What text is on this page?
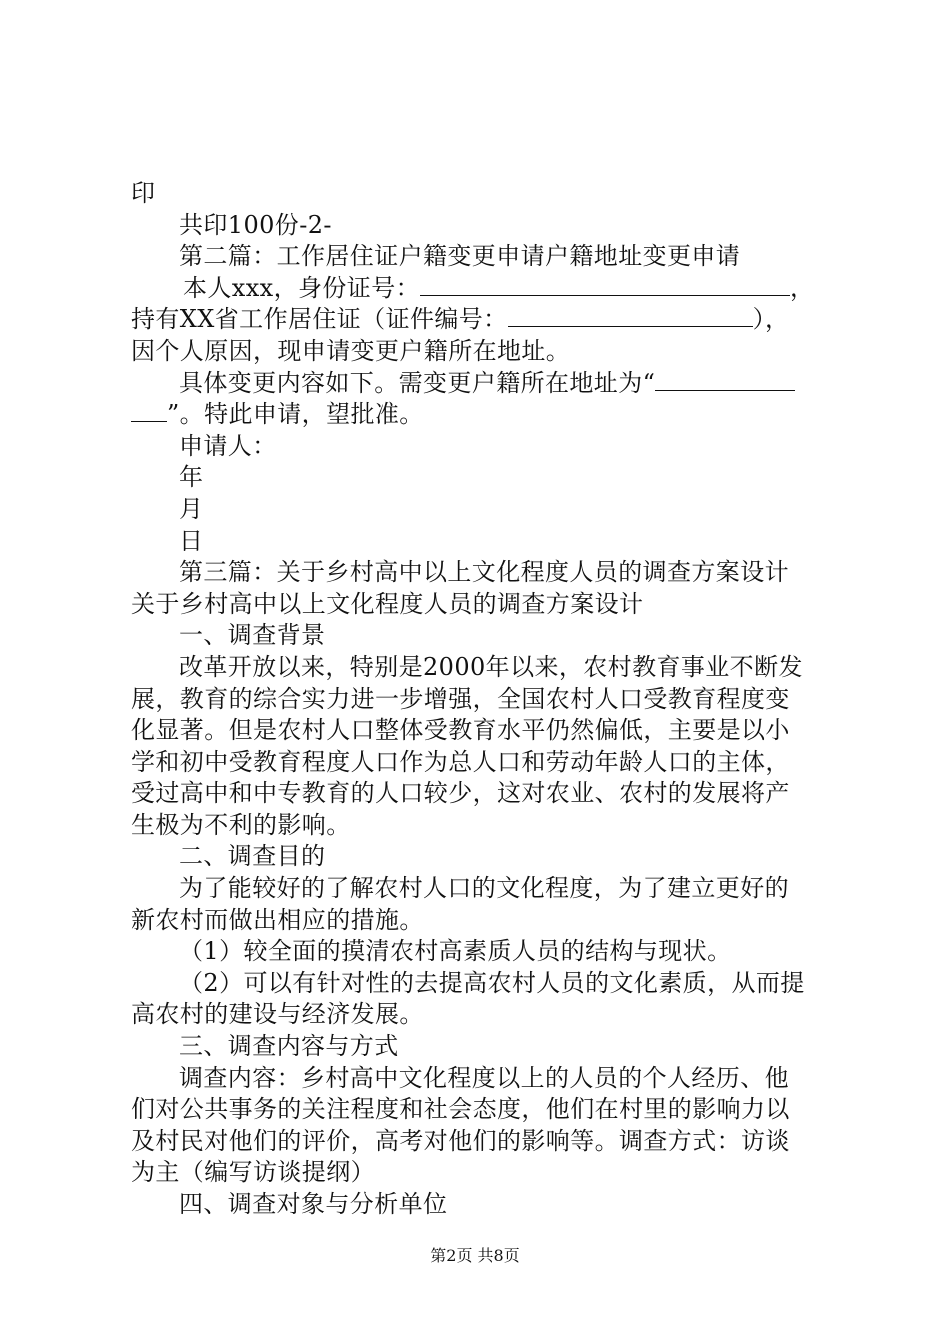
印
共印100份-2-
第二篇：工作居住证户籍变更申请户籍地址变更申请
本人xxx，身份证号：	，
持有XX省工作居住证（证件编号：	），
因个人原因，现申请变更户籍所在地址。
具体变更内容如下。需变更户籍所在地址为“
”。特此申请，望批准。
申请人：
年
月
日
第三篇：关于乡村高中以上文化程度人员的调查方案设计
关于乡村高中以上文化程度人员的调查方案设计
一、调查背景
改革开放以来，特别是2000年以来，农村教育事业不断发
展，教育的综合实力进一步增强，全国农村人口受教育程度变
化显著。但是农村人口整体受教育水平仍然偏低，主要是以小
学和初中受教育程度人口作为总人口和劳动年龄人口的主体，
受过高中和中专教育的人口较少，这对农业、农村的发展将产
生极为不利的影响。
二、调查目的
为了能较好的了解农村人口的文化程度，为了建立更好的
新农村而做出相应的措施。
（1）较全面的摸清农村高素质人员的结构与现状。
（2）可以有针对性的去提高农村人员的文化素质，从而提
高农村的建设与经济发展。
三、调查内容与方式
调查内容：乡村高中文化程度以上的人员的个人经历、他
们对公共事务的关注程度和社会态度，他们在村里的影响力以
及村民对他们的评价，高考对他们的影响等。调查方式：访谈
为主（编写访谈提纲）
四、调查对象与分析单位
第2页 共8页
